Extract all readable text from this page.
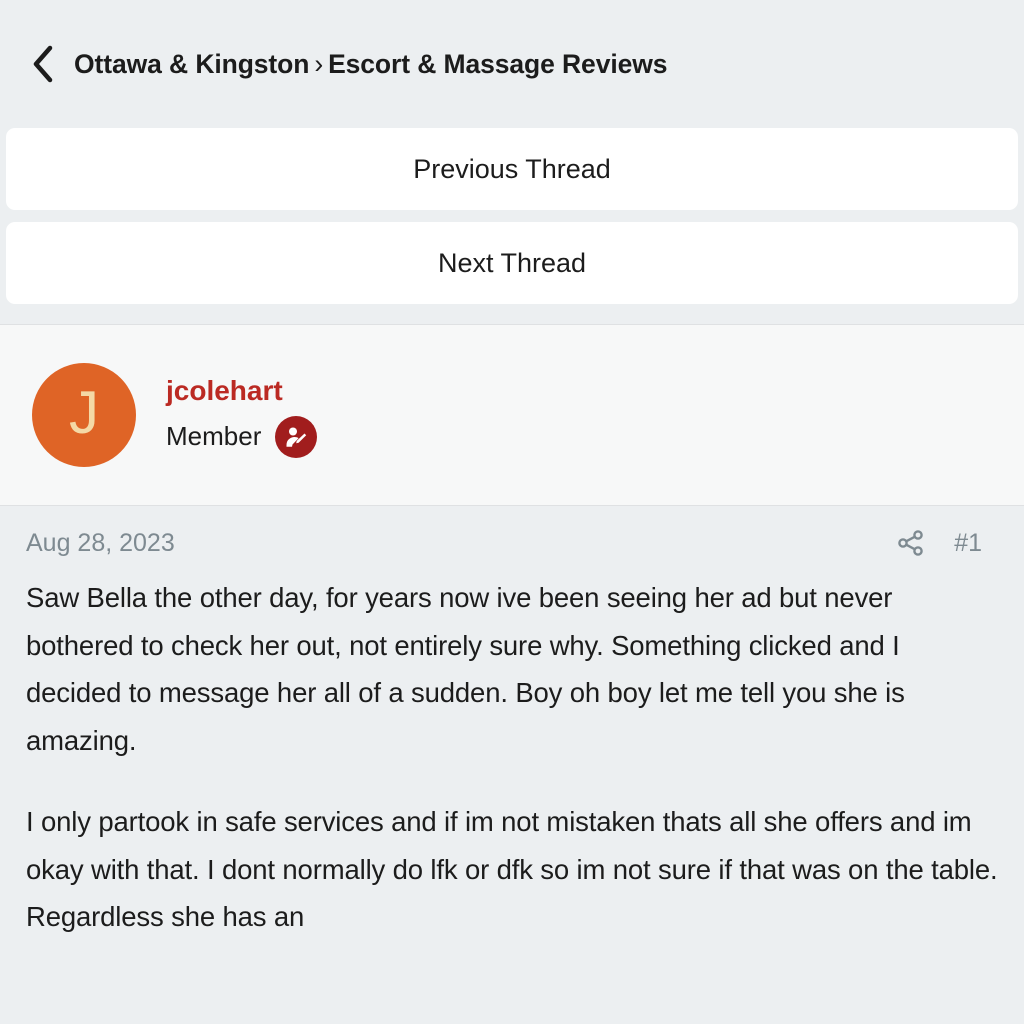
Ottawa & Kingston › Escort & Massage Reviews
Previous Thread
Next Thread
J jcolehart
Member
Aug 28, 2023	#1

Saw Bella the other day, for years now ive been seeing her ad but never bothered to check her out, not entirely sure why. Something clicked and I decided to message her all of a sudden. Boy oh boy let me tell you she is amazing.

I only partook in safe services and if im not mistaken thats all she offers and im okay with that. I dont normally do lfk or dfk so im not sure if that was on the table. Regardless she has an
